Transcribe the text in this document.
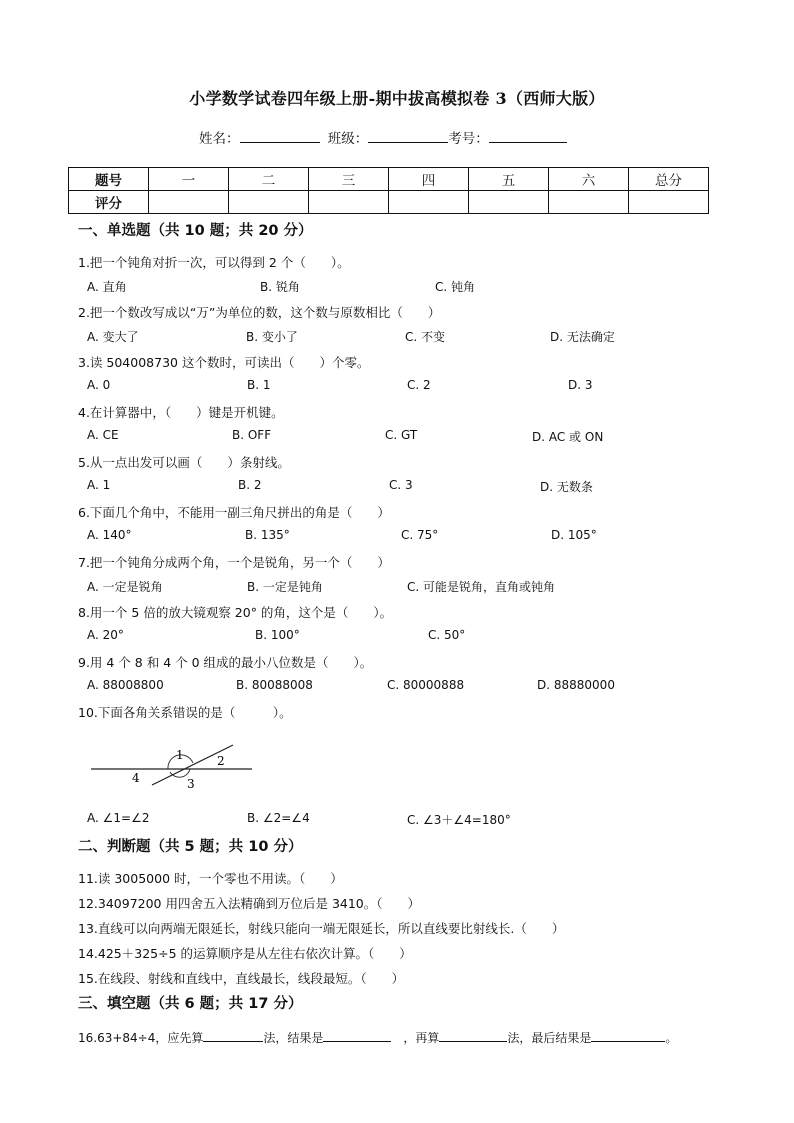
小学数学试卷四年级上册-期中拔高模拟卷 3（西师大版）
姓名：	班级：	考号：
题号	一	二	三	四	五	六	总分
评分							
一、单选题（共 10 题；共 20 分）
1.把一个钝角对折一次，可以得到 2 个（　　）。
A. 直角	B. 锐角	C. 钝角
2.把一个数改写成以“万”为单位的数，这个数与原数相比（　　）
A. 变大了	B. 变小了	C. 不变	D. 无法确定
3.读 504008730 这个数时，可读出（　　）个零。
A. 0	B. 1	C. 2	D. 3
4.在计算器中，（　　）键是开机键。
A. CE	B. OFF	C. GT	D. AC 或 ON
5.从一点出发可以画（　　）条射线。
A. 1	B. 2	C. 3	D. 无数条
6.下面几个角中，不能用一副三角尺拼出的角是（　　）
A. 140°	B. 135°	C. 75°	D. 105°
7.把一个钝角分成两个角，一个是锐角，另一个（　　）
A. 一定是锐角	B. 一定是钝角	C. 可能是锐角，直角或钝角
8.用一个 5 倍的放大镜观察 20° 的角，这个是（　　）。
A. 20°	B. 100°	C. 50°
9.用 4 个 8 和 4 个 0 组成的最小八位数是（　　）。
A. 88008800	B. 80088008	C. 80000888	D. 88880000
10.下面各角关系错误的是（　　　）。
1	2
3
4
A. ∠1=∠2	B. ∠2=∠4	C. ∠3＋∠4=180°
二、判断题（共 5 题；共 10 分）
11.读 3005000 时，一个零也不用读。（　　）
12.34097200 用四舍五入法精确到万位后是 3410。（　　）
13.直线可以向两端无限延长，射线只能向一端无限延长，所以直线要比射线长.（　　）
14.425＋325÷5 的运算顺序是从左往右依次计算。（　　）
15.在线段、射线和直线中，直线最长，线段最短。（　　）
三、填空题（共 6 题；共 17 分）
16.63+84÷4，应先算	法，结果是	，再算	法，最后结果是	。
